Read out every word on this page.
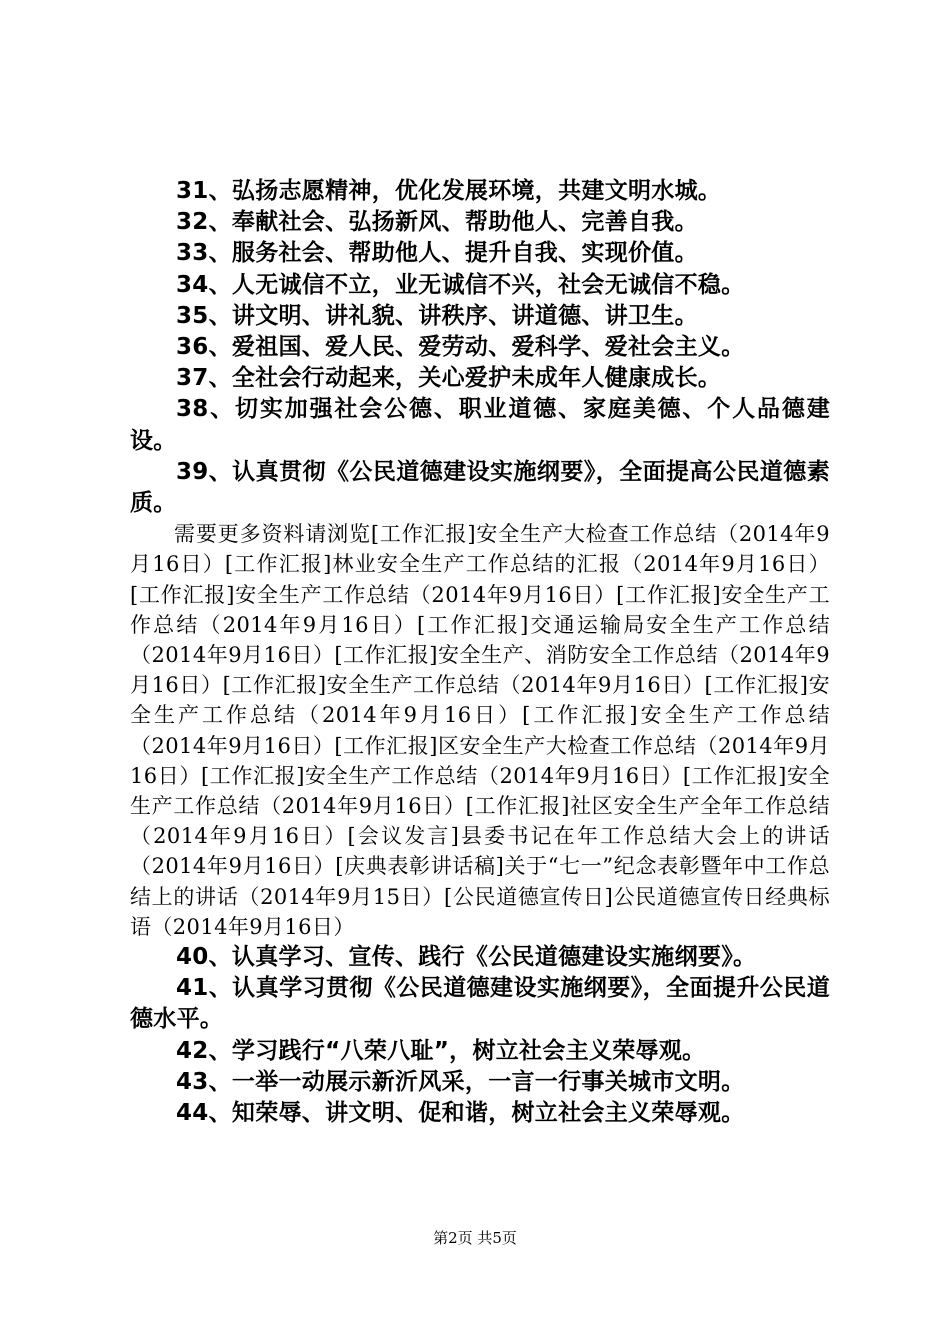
31、弘扬志愿精神，优化发展环境，共建文明水城。

32、奉献社会、弘扬新风、帮助他人、完善自我。

33、服务社会、帮助他人、提升自我、实现价值。

34、人无诚信不立，业无诚信不兴，社会无诚信不稳。

35、讲文明、讲礼貌、讲秩序、讲道德、讲卫生。

36、爱祖国、爱人民、爱劳动、爱科学、爱社会主义。

37、全社会行动起来，关心爱护未成年人健康成长。

38、切实加强社会公德、职业道德、家庭美德、个人品德建设。

39、认真贯彻《公民道德建设实施纲要》，全面提高公民道德素质。

需要更多资料请浏览[工作汇报]安全生产大检查工作总结（2014年9月16日）[工作汇报]林业安全生产工作总结的汇报（2014年9月16日）[工作汇报]安全生产工作总结（2014年9月16日）[工作汇报]安全生产工作总结（2014年9月16日）[工作汇报]交通运输局安全生产工作总结（2014年9月16日）[工作汇报]安全生产、消防安全工作总结（2014年9月16日）[工作汇报]安全生产工作总结（2014年9月16日）[工作汇报]安全生产工作总结（2014年9月16日）[工作汇报]安全生产工作总结（2014年9月16日）[工作汇报]区安全生产大检查工作总结（2014年9月16日）[工作汇报]安全生产工作总结（2014年9月16日）[工作汇报]安全生产工作总结（2014年9月16日）[工作汇报]社区安全生产全年工作总结（2014年9月16日）[会议发言]县委书记在年工作总结大会上的讲话（2014年9月16日）[庆典表彰讲话稿]关于“七一”纪念表彰暨年中工作总结上的讲话（2014年9月15日）[公民道德宣传日]公民道德宣传日经典标语（2014年9月16日）

40、认真学习、宣传、践行《公民道德建设实施纲要》。

41、认真学习贯彻《公民道德建设实施纲要》，全面提升公民道德水平。

42、学习践行“八荣八耻”，树立社会主义荣辱观。

43、一举一动展示新沂风采，一言一行事关城市文明。

44、知荣辱、讲文明、促和谐，树立社会主义荣辱观。

第2页 共5页
